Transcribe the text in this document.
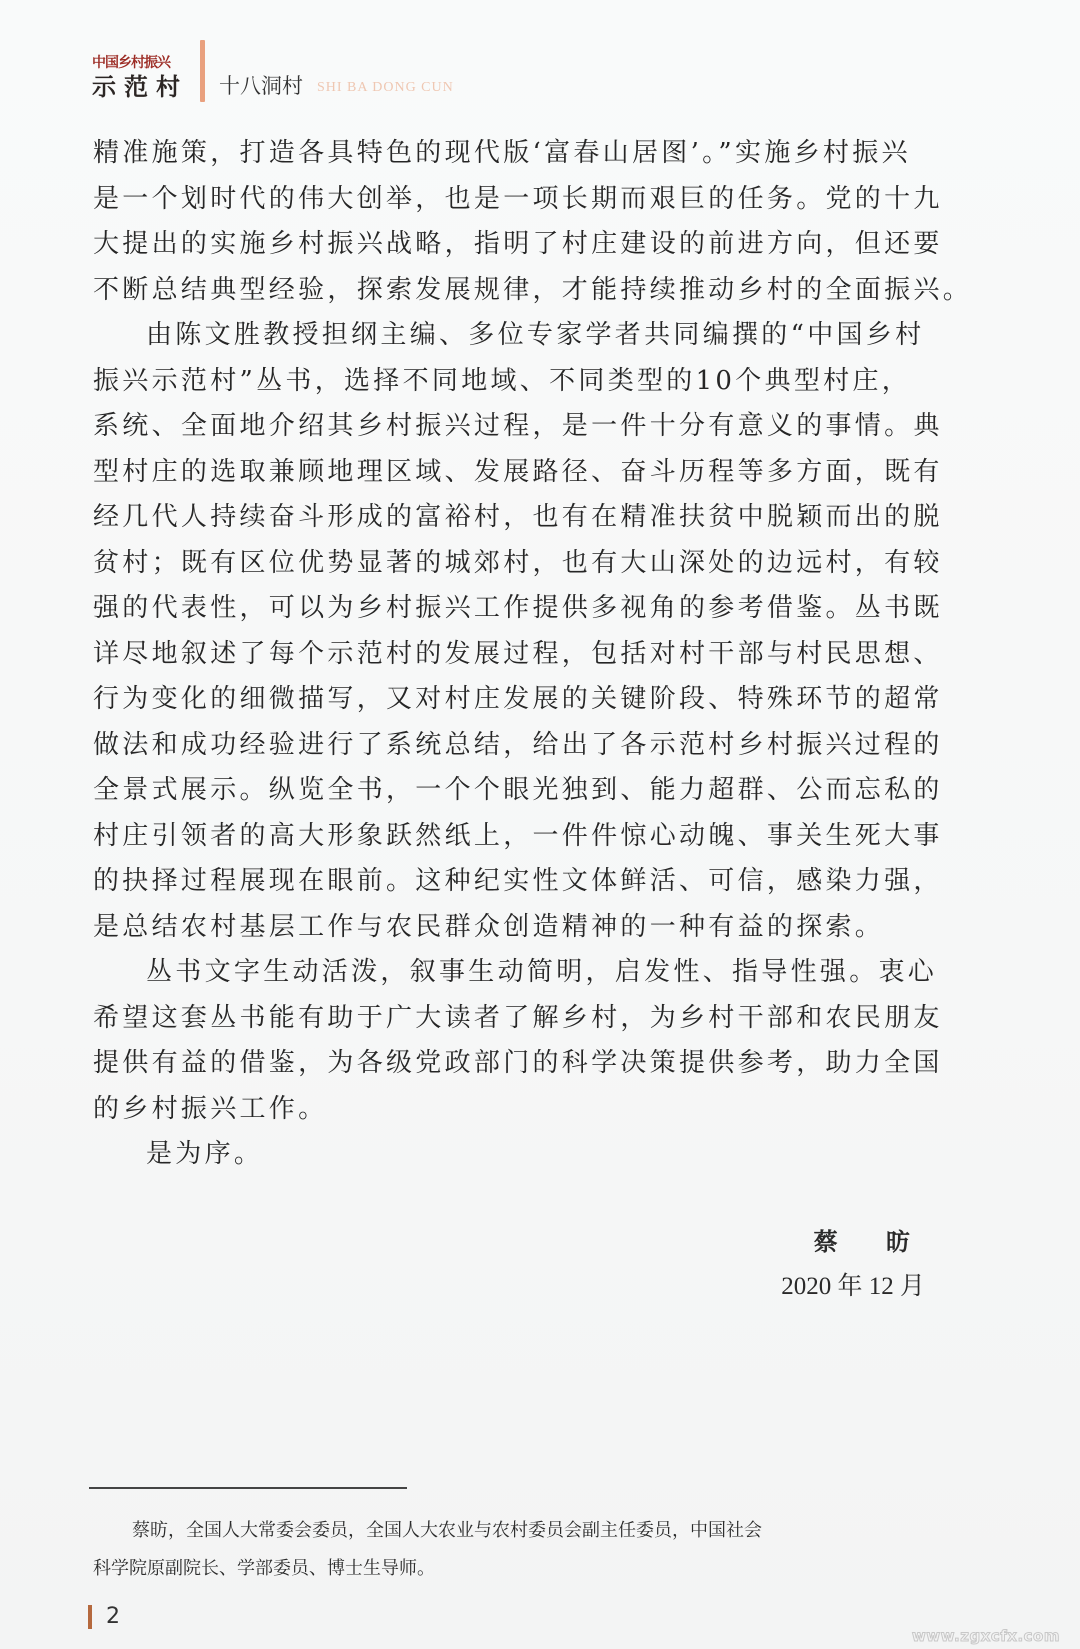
中国乡村振兴
示范村 十八洞村 SHI BA DONG CUN

精准施策，打造各具特色的现代版‘富春山居图’。”实施乡村振兴
是一个划时代的伟大创举，也是一项长期而艰巨的任务。党的十九
大提出的实施乡村振兴战略，指明了村庄建设的前进方向，但还要
不断总结典型经验，探索发展规律，才能持续推动乡村的全面振兴。

由陈文胜教授担纲主编、多位专家学者共同编撰的“中国乡村
振兴示范村”丛书，选择不同地域、不同类型的10个典型村庄，
系统、全面地介绍其乡村振兴过程，是一件十分有意义的事情。典
型村庄的选取兼顾地理区域、发展路径、奋斗历程等多方面，既有
经几代人持续奋斗形成的富裕村，也有在精准扶贫中脱颖而出的脱
贫村；既有区位优势显著的城郊村，也有大山深处的边远村，有较
强的代表性，可以为乡村振兴工作提供多视角的参考借鉴。丛书既
详尽地叙述了每个示范村的发展过程，包括对村干部与村民思想、
行为变化的细微描写，又对村庄发展的关键阶段、特殊环节的超常
做法和成功经验进行了系统总结，给出了各示范村乡村振兴过程的
全景式展示。纵览全书，一个个眼光独到、能力超群、公而忘私的
村庄引领者的高大形象跃然纸上，一件件惊心动魄、事关生死大事
的抉择过程展现在眼前。这种纪实性文体鲜活、可信，感染力强，
是总结农村基层工作与农民群众创造精神的一种有益的探索。

丛书文字生动活泼，叙事生动简明，启发性、指导性强。衷心
希望这套丛书能有助于广大读者了解乡村，为乡村干部和农民朋友
提供有益的借鉴，为各级党政部门的科学决策提供参考，助力全国
的乡村振兴工作。

是为序。

蔡 昉
2020 年 12 月
蔡昉，全国人大常委会委员，全国人大农业与农村委员会副主任委员，中国社会
科学院原副院长、学部委员、博士生导师。
2
www.zgxcfx.com
